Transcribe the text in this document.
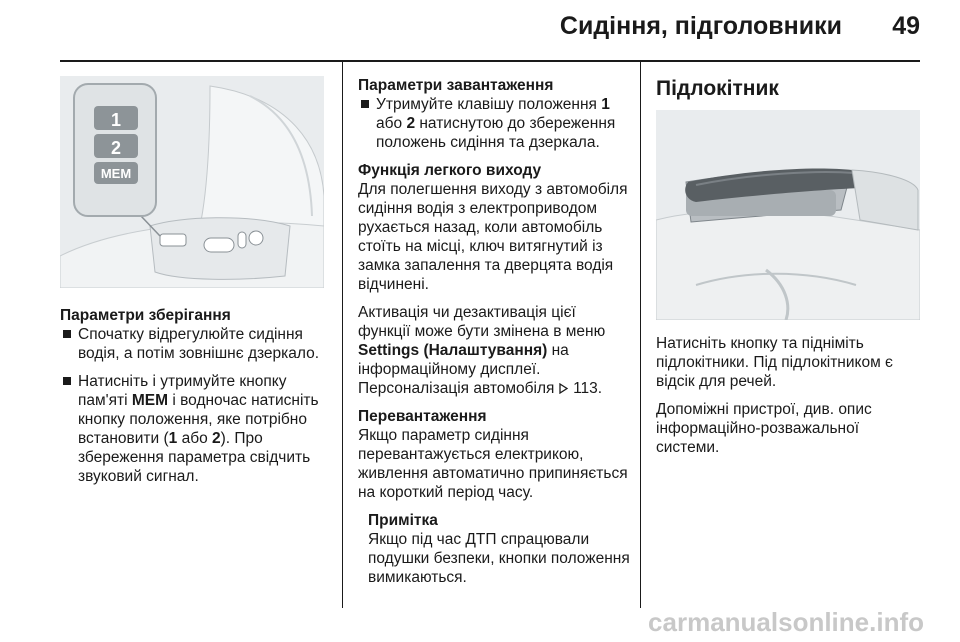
Сидіння, підголовники 49
1
2
MEM
Параметри зберігання
Спочатку відрегулюйте сидіння водія, а потім зовнішнє дзеркало.
Натисніть і утримуйте кнопку пам'яті MEM і водночас натисніть кнопку положення, яке потрібно встановити (1 або 2). Про збереження параметра свідчить звуковий сигнал.
Параметри завантаження
Утримуйте клавішу положення 1 або 2 натиснутою до збереження положень сидіння та дзеркала.
Функція легкого виходу

Для полегшення виходу з автомобіля сидіння водія з електроприводом рухається назад, коли автомобіль стоїть на місці, ключ витягнутий із замка запалення та дверцята водія відчинені.

Активація чи дезактивація цієї функції може бути змінена в меню Settings (Налаштування) на інформаційному дисплеї. Персоналізація автомобіля  113.

Перевантаження

Якщо параметр сидіння перевантажується електрикою, живлення автоматично припиняється на короткий період часу.

Примітка
Якщо під час ДТП спрацювали подушки безпеки, кнопки положення вимикаються.
Підлокітник

Натисніть кнопку та підніміть підлокітники. Під підлокітником є відсік для речей.

Допоміжні пристрої, див. опис інформаційно-розважальної системи.

carmanualsonline.info
